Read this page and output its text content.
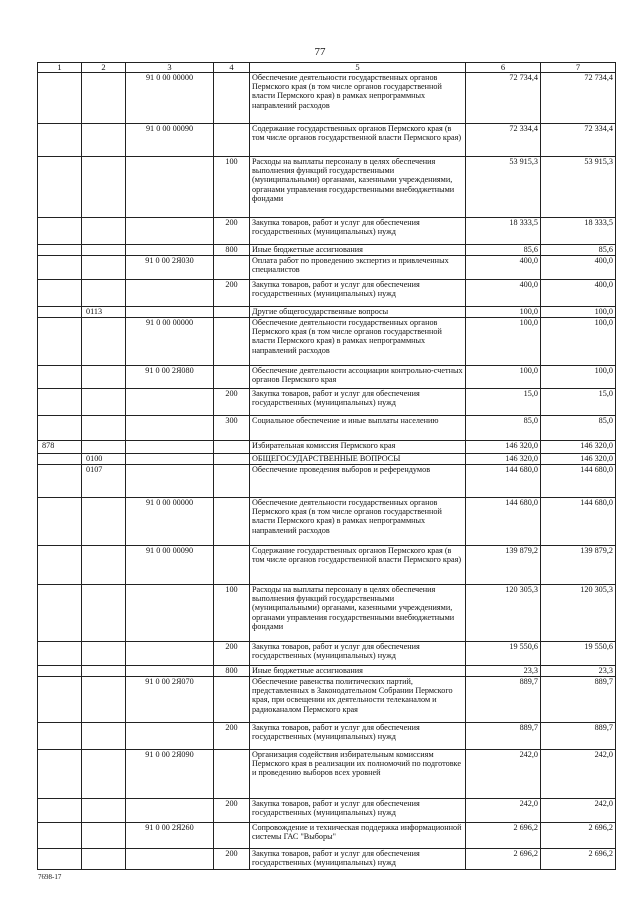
77
1	2	3	4	5	6	7
		91 0 00 00000		Обеспечение деятельности государственных органов Пермского края (в том числе органов государственной власти Пермского края) в рамках непрограммных направлений расходов	72 734,4	72 734,4
		91 0 00 00090		Содержание государственных органов Пермского края (в том числе органов государственной власти Пермского края)	72 334,4	72 334,4
			100	Расходы на выплаты персоналу в целях обеспечения выполнения функций государственными (муниципальными) органами, казенными учреждениями, органами управления государственными внебюджетными фондами	53 915,3	53 915,3
			200	Закупка товаров, работ и услуг для обеспечения государственных (муниципальных) нужд	18 333,5	18 333,5
			800	Иные бюджетные ассигнования	85,6	85,6
		91 0 00 2Я030		Оплата работ по проведению экспертиз и привлеченных специалистов	400,0	400,0
			200	Закупка товаров, работ и услуг для обеспечения государственных (муниципальных) нужд	400,0	400,0
	0113			Другие общегосударственные вопросы	100,0	100,0
		91 0 00 00000		Обеспечение деятельности государственных органов Пермского края (в том числе органов государственной власти Пермского края) в рамках непрограммных направлений расходов	100,0	100,0
		91 0 00 2Я080		Обеспечение деятельности ассоциации контрольно-счетных органов Пермского края	100,0	100,0
			200	Закупка товаров, работ и услуг для обеспечения государственных (муниципальных) нужд	15,0	15,0
			300	Социальное обеспечение и иные выплаты населению	85,0	85,0
878				Избирательная комиссия Пермского края	146 320,0	146 320,0
	0100			ОБЩЕГОСУДАРСТВЕННЫЕ ВОПРОСЫ	146 320,0	146 320,0
	0107			Обеспечение проведения выборов и референдумов	144 680,0	144 680,0
		91 0 00 00000		Обеспечение деятельности государственных органов Пермского края (в том числе органов государственной власти Пермского края) в рамках непрограммных направлений расходов	144 680,0	144 680,0
		91 0 00 00090		Содержание государственных органов Пермского края (в том числе органов государственной власти Пермского края)	139 879,2	139 879,2
			100	Расходы на выплаты персоналу в целях обеспечения выполнения функций государственными (муниципальными) органами, казенными учреждениями, органами управления государственными внебюджетными фондами	120 305,3	120 305,3
			200	Закупка товаров, работ и услуг для обеспечения государственных (муниципальных) нужд	19 550,6	19 550,6
			800	Иные бюджетные ассигнования	23,3	23,3
		91 0 00 2Я070		Обеспечение равенства политических партий, представленных в Законодательном Собрании Пермского края, при освещении их деятельности телеканалом и радиоканалом Пермского края	889,7	889,7
			200	Закупка товаров, работ и услуг для обеспечения государственных (муниципальных) нужд	889,7	889,7
		91 0 00 2Я090		Организация содействия избирательным комиссиям Пермского края в реализации их полномочий по подготовке и проведению выборов всех уровней	242,0	242,0
			200	Закупка товаров, работ и услуг для обеспечения государственных (муниципальных) нужд	242,0	242,0
		91 0 00 2Я260		Сопровождение и техническая поддержка информационной системы ГАС "Выборы"	2 696,2	2 696,2
			200	Закупка товаров, работ и услуг для обеспечения государственных (муниципальных) нужд	2 696,2	2 696,2
7698-17
